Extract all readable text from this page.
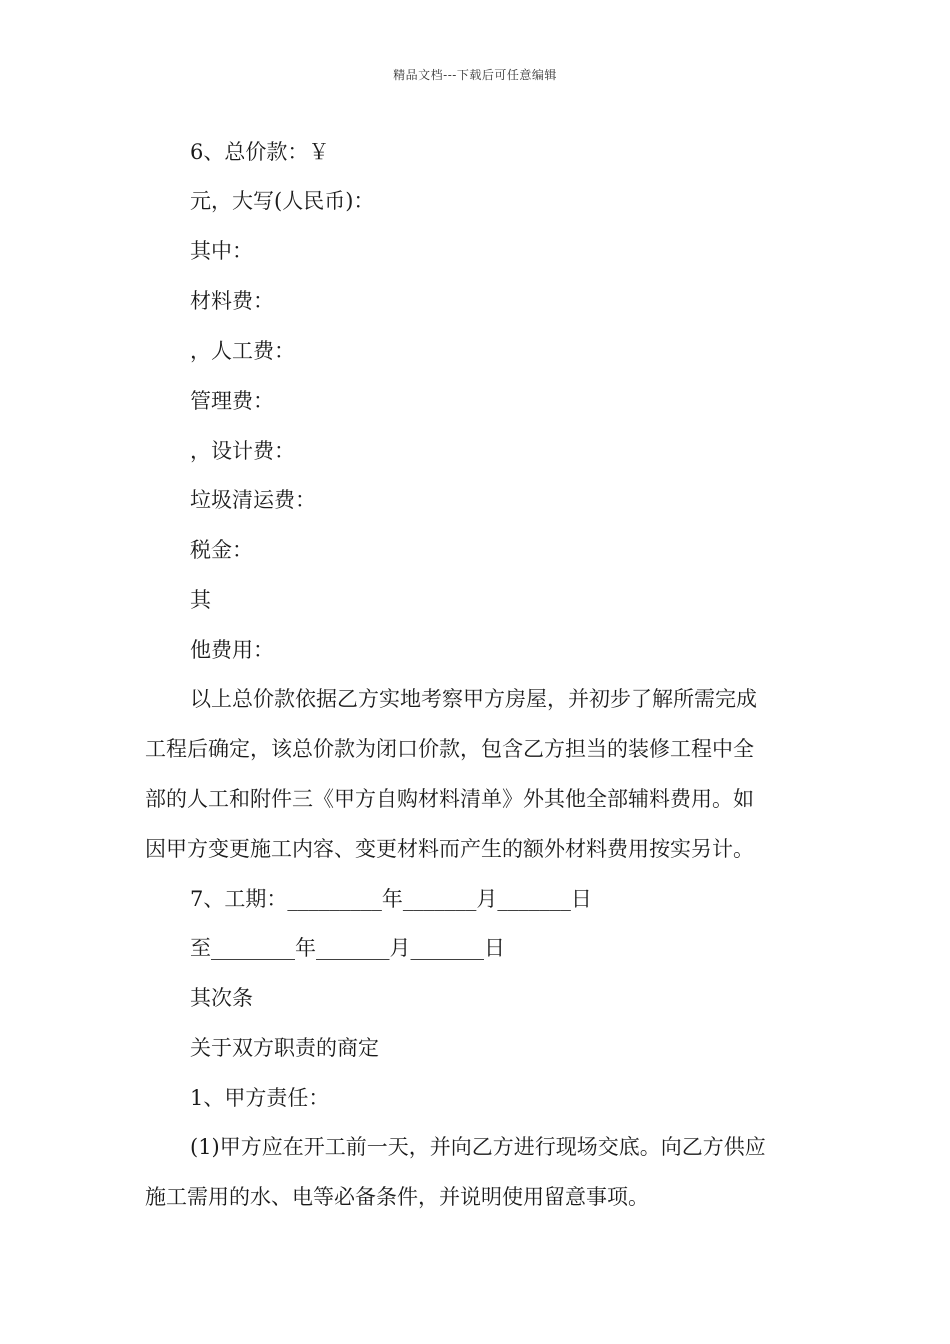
精品文档---下载后可任意编辑
6、总价款：￥
元，大写(人民币)：
其中：
材料费：
，人工费：
管理费：
，设计费：
垃圾清运费：
税金：
其
他费用：
以上总价款依据乙方实地考察甲方房屋，并初步了解所需完成
工程后确定，该总价款为闭口价款，包含乙方担当的装修工程中全
部的人工和附件三《甲方自购材料清单》外其他全部辅料费用。如
因甲方变更施工内容、变更材料而产生的额外材料费用按实另计。
7、工期：_________年_______月_______日
至________年_______月_______日
其次条
关于双方职责的商定
1、甲方责任：
(1)甲方应在开工前一天，并向乙方进行现场交底。向乙方供应
施工需用的水、电等必备条件，并说明使用留意事项。
